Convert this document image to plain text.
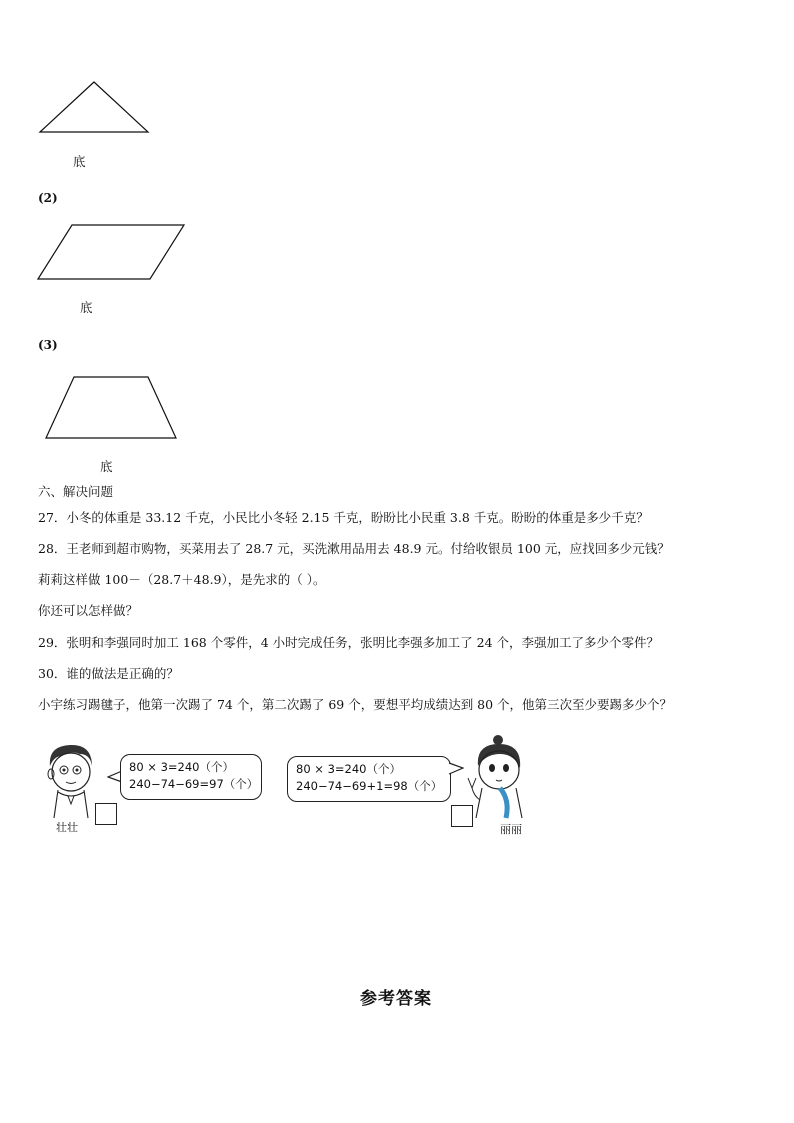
底
(2)
底
(3)
底
六、解决问题
27．小冬的体重是 33.12 千克，小民比小冬轻 2.15 千克，盼盼比小民重 3.8 千克。盼盼的体重是多少千克？
28．王老师到超市购物，买菜用去了 28.7 元，买洗漱用品用去 48.9 元。付给收银员 100 元，应找回多少元钱？
莉莉这样做 100－（28.7＋48.9），是先求的（ ）。
你还可以怎样做？
29．张明和李强同时加工 168 个零件，4 小时完成任务，张明比李强多加工了 24 个，李强加工了多少个零件？
30．谁的做法是正确的？
小宇练习踢毽子，他第一次踢了 74 个，第二次踢了 69 个，要想平均成绩达到 80 个，他第三次至少要踢多少个？
壮壮
80 × 3=240（个）
240−74−69=97（个）
80 × 3=240（个）
240−74−69+1=98（个）
丽丽
参考答案
